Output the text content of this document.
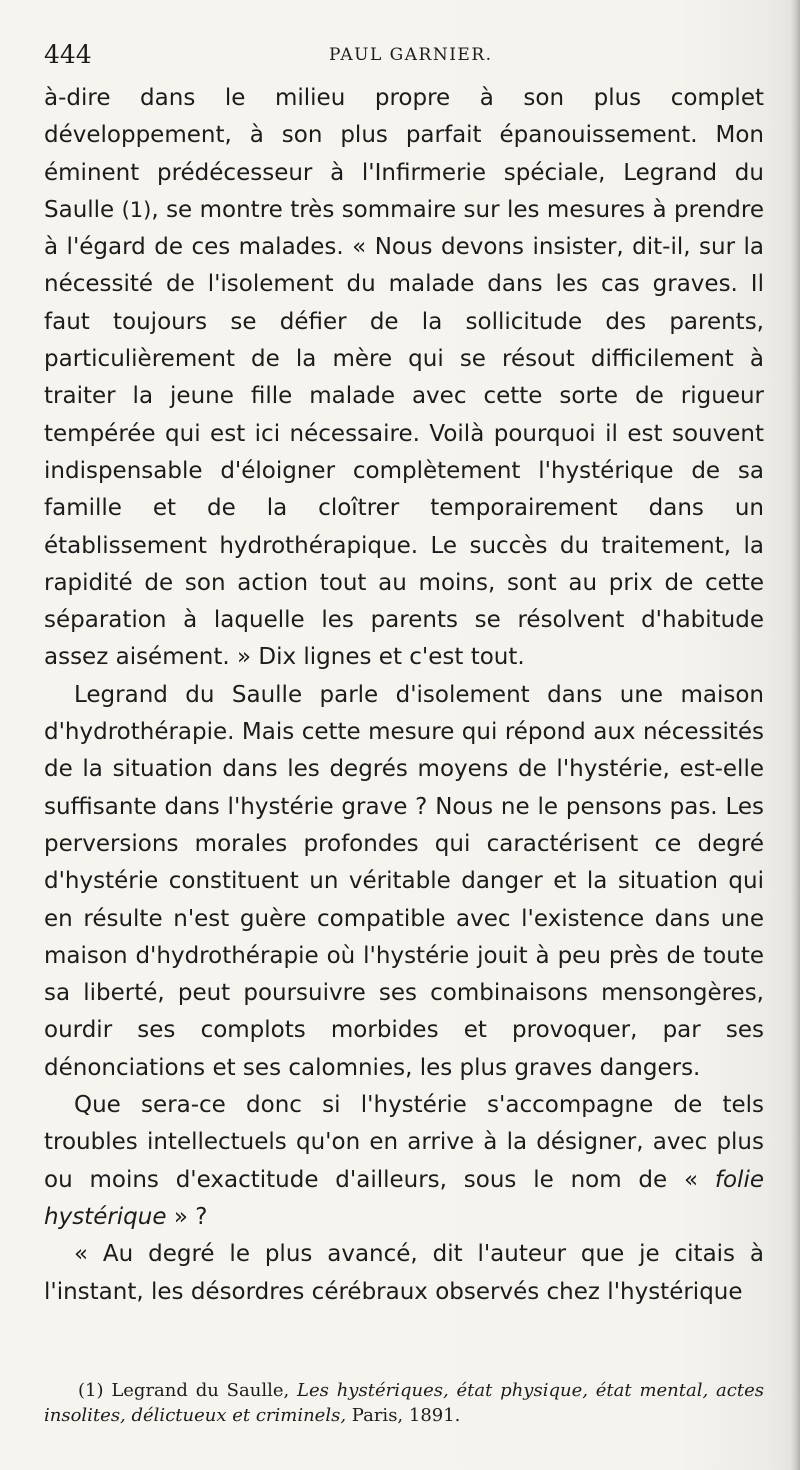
444	PAUL GARNIER.

à-dire dans le milieu propre à son plus complet développement, à son plus parfait épanouissement. Mon éminent prédécesseur à l'Infirmerie spéciale, Legrand du Saulle (1), se montre très sommaire sur les mesures à prendre à l'égard de ces malades. « Nous devons insister, dit-il, sur la nécessité de l'isolement du malade dans les cas graves. Il faut toujours se défier de la sollicitude des parents, particulièrement de la mère qui se résout difficilement à traiter la jeune fille malade avec cette sorte de rigueur tempérée qui est ici nécessaire. Voilà pourquoi il est souvent indispensable d'éloigner complètement l'hystérique de sa famille et de la cloîtrer temporairement dans un établissement hydrothérapique. Le succès du traitement, la rapidité de son action tout au moins, sont au prix de cette séparation à laquelle les parents se résolvent d'habitude assez aisément. » Dix lignes et c'est tout.

Legrand du Saulle parle d'isolement dans une maison d'hydrothérapie. Mais cette mesure qui répond aux nécessités de la situation dans les degrés moyens de l'hystérie, est-elle suffisante dans l'hystérie grave ? Nous ne le pensons pas. Les perversions morales profondes qui caractérisent ce degré d'hystérie constituent un véritable danger et la situation qui en résulte n'est guère compatible avec l'existence dans une maison d'hydrothérapie où l'hystérie jouit à peu près de toute sa liberté, peut poursuivre ses combinaisons mensongères, ourdir ses complots morbides et provoquer, par ses dénonciations et ses calomnies, les plus graves dangers.

Que sera-ce donc si l'hystérie s'accompagne de tels troubles intellectuels qu'on en arrive à la désigner, avec plus ou moins d'exactitude d'ailleurs, sous le nom de « folie hystérique » ?

« Au degré le plus avancé, dit l'auteur que je citais à l'instant, les désordres cérébraux observés chez l'hystérique

(1) Legrand du Saulle, Les hystériques, état physique, état mental, actes insolites, délictueux et criminels, Paris, 1891.
